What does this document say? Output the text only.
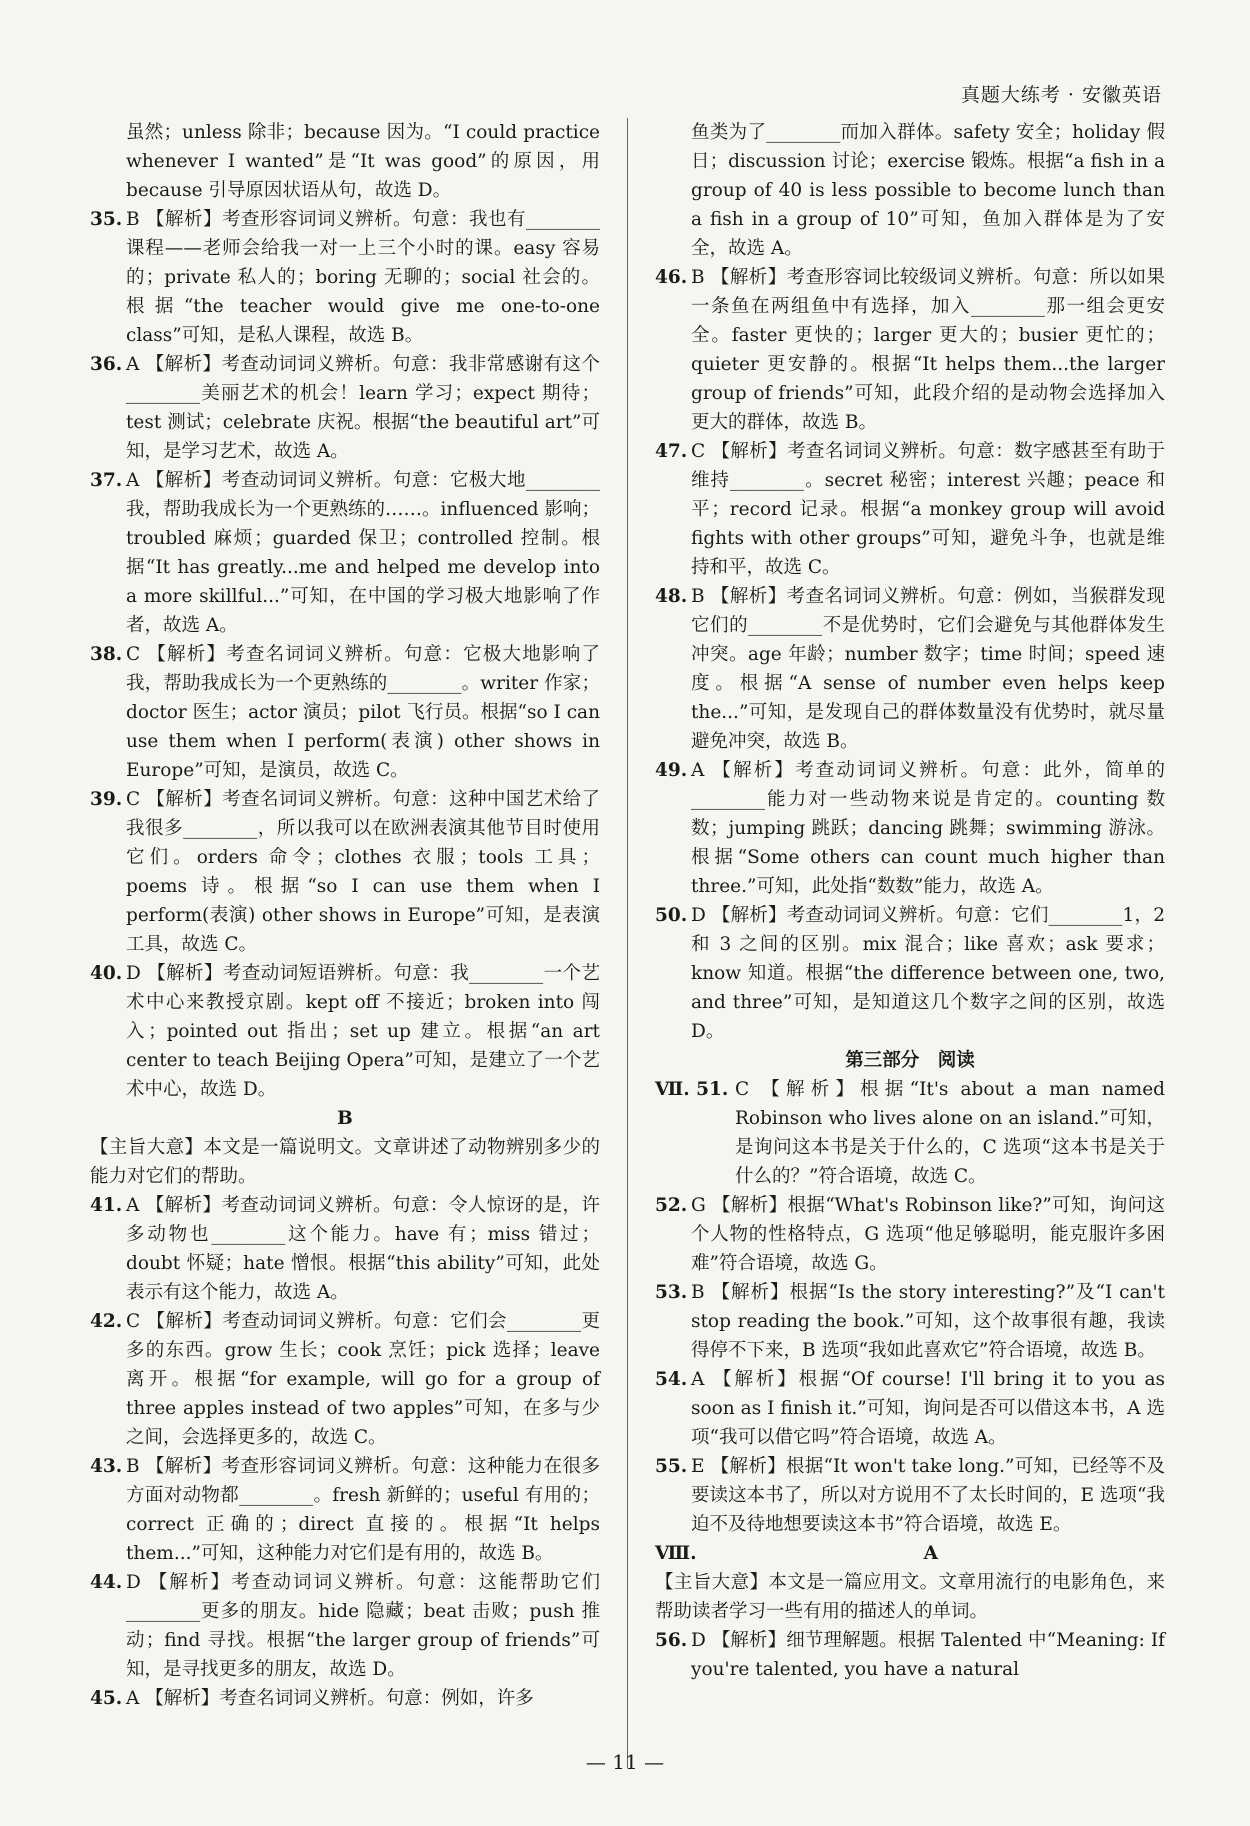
真题大练考 · 安徽英语
虽然；unless 除非；because 因为。“I could practice whenever I wanted”是“It was good”的原因，用 because 引导原因状语从句，故选 D。
35. B 【解析】考查形容词词义辨析。句意：我也有________课程——老师会给我一对一上三个小时的课。easy 容易的；private 私人的；boring 无聊的；social 社会的。根据“the teacher would give me one-to-one class”可知，是私人课程，故选 B。
36. A 【解析】考查动词词义辨析。句意：我非常感谢有这个________美丽艺术的机会！learn 学习；expect 期待；test 测试；celebrate 庆祝。根据“the beautiful art”可知，是学习艺术，故选 A。
37. A 【解析】考查动词词义辨析。句意：它极大地________我，帮助我成长为一个更熟练的……。influenced 影响；troubled 麻烦；guarded 保卫；controlled 控制。根据“It has greatly...me and helped me develop into a more skillful...”可知，在中国的学习极大地影响了作者，故选 A。
38. C 【解析】考查名词词义辨析。句意：它极大地影响了我，帮助我成长为一个更熟练的________。writer 作家；doctor 医生；actor 演员；pilot 飞行员。根据“so I can use them when I perform(表演) other shows in Europe”可知，是演员，故选 C。
39. C 【解析】考查名词词义辨析。句意：这种中国艺术给了我很多________，所以我可以在欧洲表演其他节目时使用它们。orders 命令；clothes 衣服；tools 工具；poems 诗。根据“so I can use them when I perform(表演) other shows in Europe”可知，是表演工具，故选 C。
40. D 【解析】考查动词短语辨析。句意：我________一个艺术中心来教授京剧。kept off 不接近；broken into 闯入；pointed out 指出；set up 建立。根据“an art center to teach Beijing Opera”可知，是建立了一个艺术中心，故选 D。
B
【主旨大意】本文是一篇说明文。文章讲述了动物辨别多少的能力对它们的帮助。
41. A 【解析】考查动词词义辨析。句意：令人惊讶的是，许多动物也________这个能力。have 有；miss 错过；doubt 怀疑；hate 憎恨。根据“this ability”可知，此处表示有这个能力，故选 A。
42. C 【解析】考查动词词义辨析。句意：它们会________更多的东西。grow 生长；cook 烹饪；pick 选择；leave 离开。根据“for example, will go for a group of three apples instead of two apples”可知，在多与少之间，会选择更多的，故选 C。
43. B 【解析】考查形容词词义辨析。句意：这种能力在很多方面对动物都________。fresh 新鲜的；useful 有用的；correct 正确的；direct 直接的。根据“It helps them...”可知，这种能力对它们是有用的，故选 B。
44. D 【解析】考查动词词义辨析。句意：这能帮助它们________更多的朋友。hide 隐藏；beat 击败；push 推动；find 寻找。根据“the larger group of friends”可知，是寻找更多的朋友，故选 D。
45. A 【解析】考查名词词义辨析。句意：例如，许多
鱼类为了________而加入群体。safety 安全；holiday 假日；discussion 讨论；exercise 锻炼。根据“a fish in a group of 40 is less possible to become lunch than a fish in a group of 10”可知，鱼加入群体是为了安全，故选 A。
46. B 【解析】考查形容词比较级词义辨析。句意：所以如果一条鱼在两组鱼中有选择，加入________那一组会更安全。faster 更快的；larger 更大的；busier 更忙的；quieter 更安静的。根据“It helps them...the larger group of friends”可知，此段介绍的是动物会选择加入更大的群体，故选 B。
47. C 【解析】考查名词词义辨析。句意：数字感甚至有助于维持________。secret 秘密；interest 兴趣；peace 和平；record 记录。根据“a monkey group will avoid fights with other groups”可知，避免斗争，也就是维持和平，故选 C。
48. B 【解析】考查名词词义辨析。句意：例如，当猴群发现它们的________不是优势时，它们会避免与其他群体发生冲突。age 年龄；number 数字；time 时间；speed 速度。根据“A sense of number even helps keep the...”可知，是发现自己的群体数量没有优势时，就尽量避免冲突，故选 B。
49. A 【解析】考查动词词义辨析。句意：此外，简单的________能力对一些动物来说是肯定的。counting 数数；jumping 跳跃；dancing 跳舞；swimming 游泳。根据“Some others can count much higher than three.”可知，此处指“数数”能力，故选 A。
50. D 【解析】考查动词词义辨析。句意：它们________1，2 和 3 之间的区别。mix 混合；like 喜欢；ask 要求；know 知道。根据“the difference between one, two, and three”可知，是知道这几个数字之间的区别，故选 D。
第三部分　阅读
Ⅶ. 51. C 【解析】根据“It's about a man named Robinson who lives alone on an island.”可知，是询问这本书是关于什么的，C 选项“这本书是关于什么的？”符合语境，故选 C。
52. G 【解析】根据“What's Robinson like?”可知，询问这个人物的性格特点，G 选项“他足够聪明，能克服许多困难”符合语境，故选 G。
53. B 【解析】根据“Is the story interesting?”及“I can't stop reading the book.”可知，这个故事很有趣，我读得停不下来，B 选项“我如此喜欢它”符合语境，故选 B。
54. A 【解析】根据“Of course! I'll bring it to you as soon as I finish it.”可知，询问是否可以借这本书，A 选项“我可以借它吗”符合语境，故选 A。
55. E 【解析】根据“It won't take long.”可知，已经等不及要读这本书了，所以对方说用不了太长时间的，E 选项“我迫不及待地想要读这本书”符合语境，故选 E。
Ⅷ.	A
【主旨大意】本文是一篇应用文。文章用流行的电影角色，来帮助读者学习一些有用的描述人的单词。
56. D 【解析】细节理解题。根据 Talented 中“Meaning: If you're talented, you have a natural
— 11 —
